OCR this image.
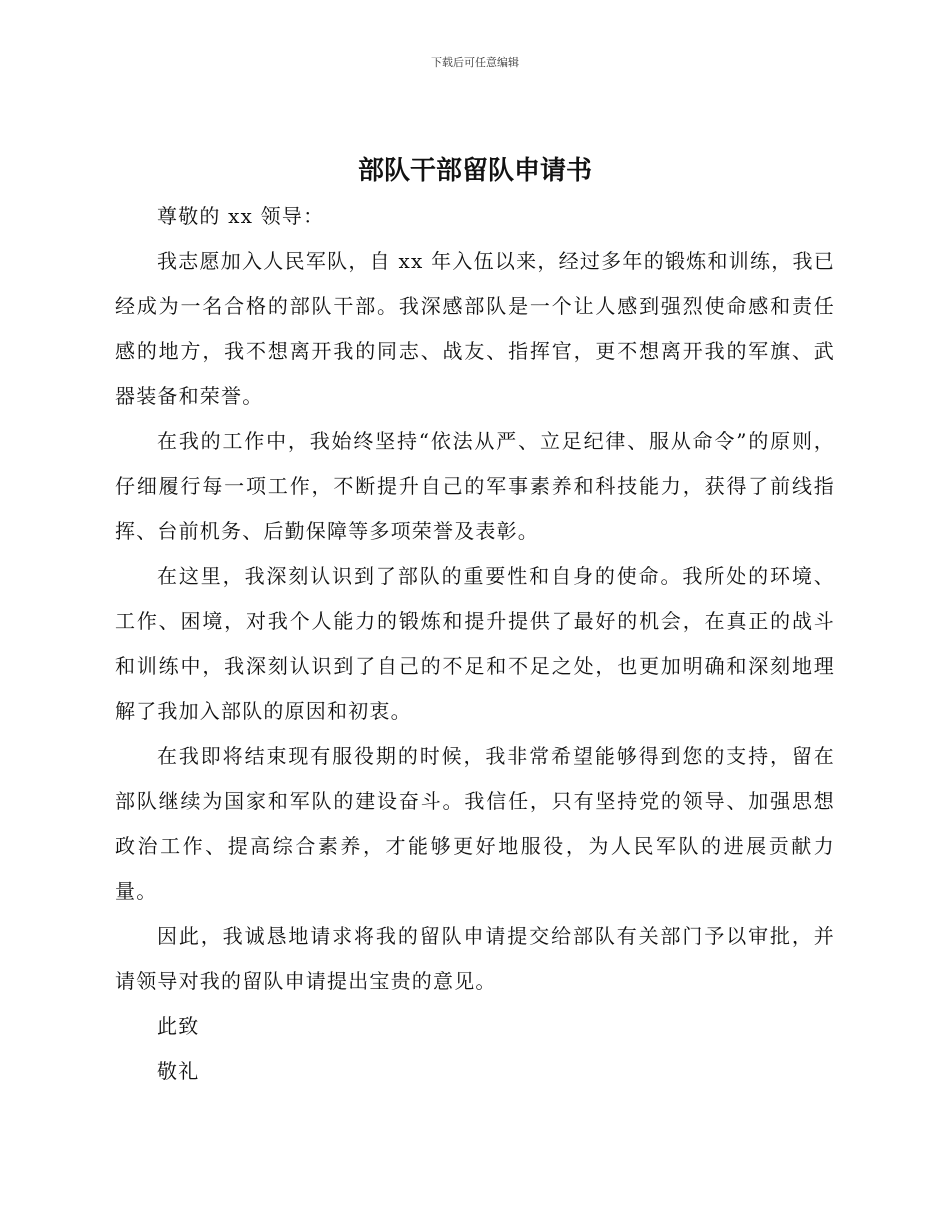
下载后可任意编辑
部队干部留队申请书

尊敬的 xx 领导：

我志愿加入人民军队，自 xx 年入伍以来，经过多年的锻炼和训练，我已经成为一名合格的部队干部。我深感部队是一个让人感到强烈使命感和责任感的地方，我不想离开我的同志、战友、指挥官，更不想离开我的军旗、武器装备和荣誉。

在我的工作中，我始终坚持“依法从严、立足纪律、服从命令”的原则，仔细履行每一项工作，不断提升自己的军事素养和科技能力，获得了前线指挥、台前机务、后勤保障等多项荣誉及表彰。

在这里，我深刻认识到了部队的重要性和自身的使命。我所处的环境、工作、困境，对我个人能力的锻炼和提升提供了最好的机会，在真正的战斗和训练中，我深刻认识到了自己的不足和不足之处，也更加明确和深刻地理解了我加入部队的原因和初衷。

在我即将结束现有服役期的时候，我非常希望能够得到您的支持，留在部队继续为国家和军队的建设奋斗。我信任，只有坚持党的领导、加强思想政治工作、提高综合素养，才能够更好地服役，为人民军队的进展贡献力量。

因此，我诚恳地请求将我的留队申请提交给部队有关部门予以审批，并请领导对我的留队申请提出宝贵的意见。

此致

敬礼
